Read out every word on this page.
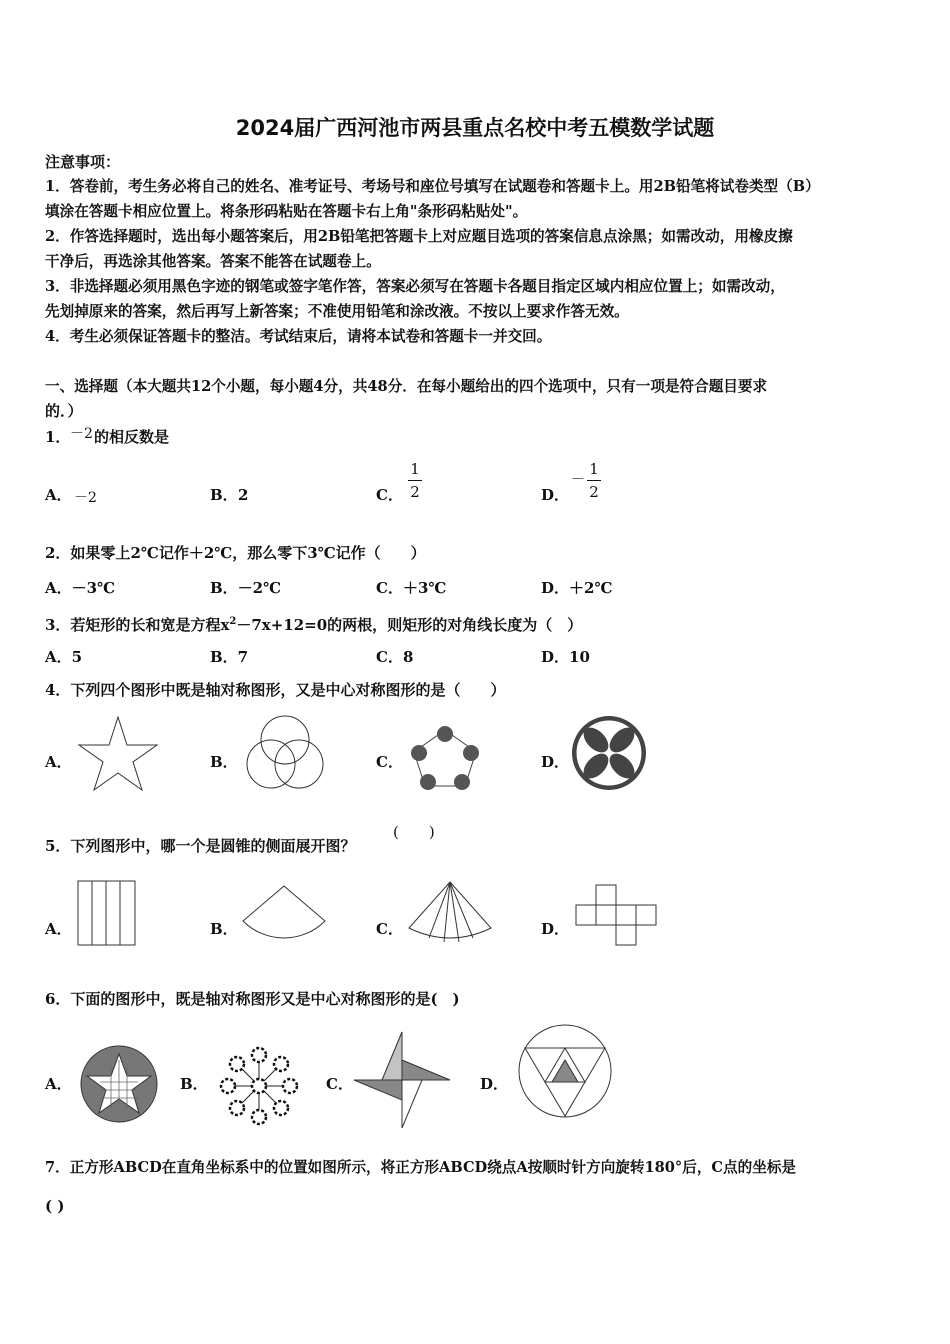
2024届广西河池市两县重点名校中考五模数学试题
注意事项：
1．答卷前，考生务必将自己的姓名、准考证号、考场号和座位号填写在试题卷和答题卡上。用2B铅笔将试卷类型（B）
填涂在答题卡相应位置上。将条形码粘贴在答题卡右上角"条形码粘贴处"。
2．作答选择题时，选出每小题答案后，用2B铅笔把答题卡上对应题目选项的答案信息点涂黑；如需改动，用橡皮擦
干净后，再选涂其他答案。答案不能答在试题卷上。
3．非选择题必须用黑色字迹的钢笔或签字笔作答，答案必须写在答题卡各题目指定区域内相应位置上；如需改动，
先划掉原来的答案，然后再写上新答案；不准使用铅笔和涂改液。不按以上要求作答无效。
4．考生必须保证答题卡的整洁。考试结束后，请将本试卷和答题卡一并交回。
一、选择题（本大题共12个小题，每小题4分，共48分．在每小题给出的四个选项中，只有一项是符合题目要求
的．）
1． －2 的相反数是
A． －2	B． 2	C．
1
2	D．
－
1
2
2．如果零上2℃记作＋2℃，那么零下3℃记作（　　）
A．－3℃	B．－2℃	C．＋3℃	D．＋2℃
3．若矩形的长和宽是方程$x^2-7x+12=0$的两根，则矩形的对角线长度为（　）
A．5	B．7	C．8	D．10
4．下列四个图形中既是轴对称图形，又是中心对称图形的是（　　）
A．	B．	C．	D．
5．下列图形中，哪一个是圆锥的侧面展开图？
(　　)
A．	B．	C．	D．
6．下面的图形中，既是轴对称图形又是中心对称图形的是(　)
A．	B．	C．	D．
7．正方形ABCD在直角坐标系中的位置如图所示，将正方形ABCD绕点A按顺时针方向旋转180°后，C点的坐标是
( )
